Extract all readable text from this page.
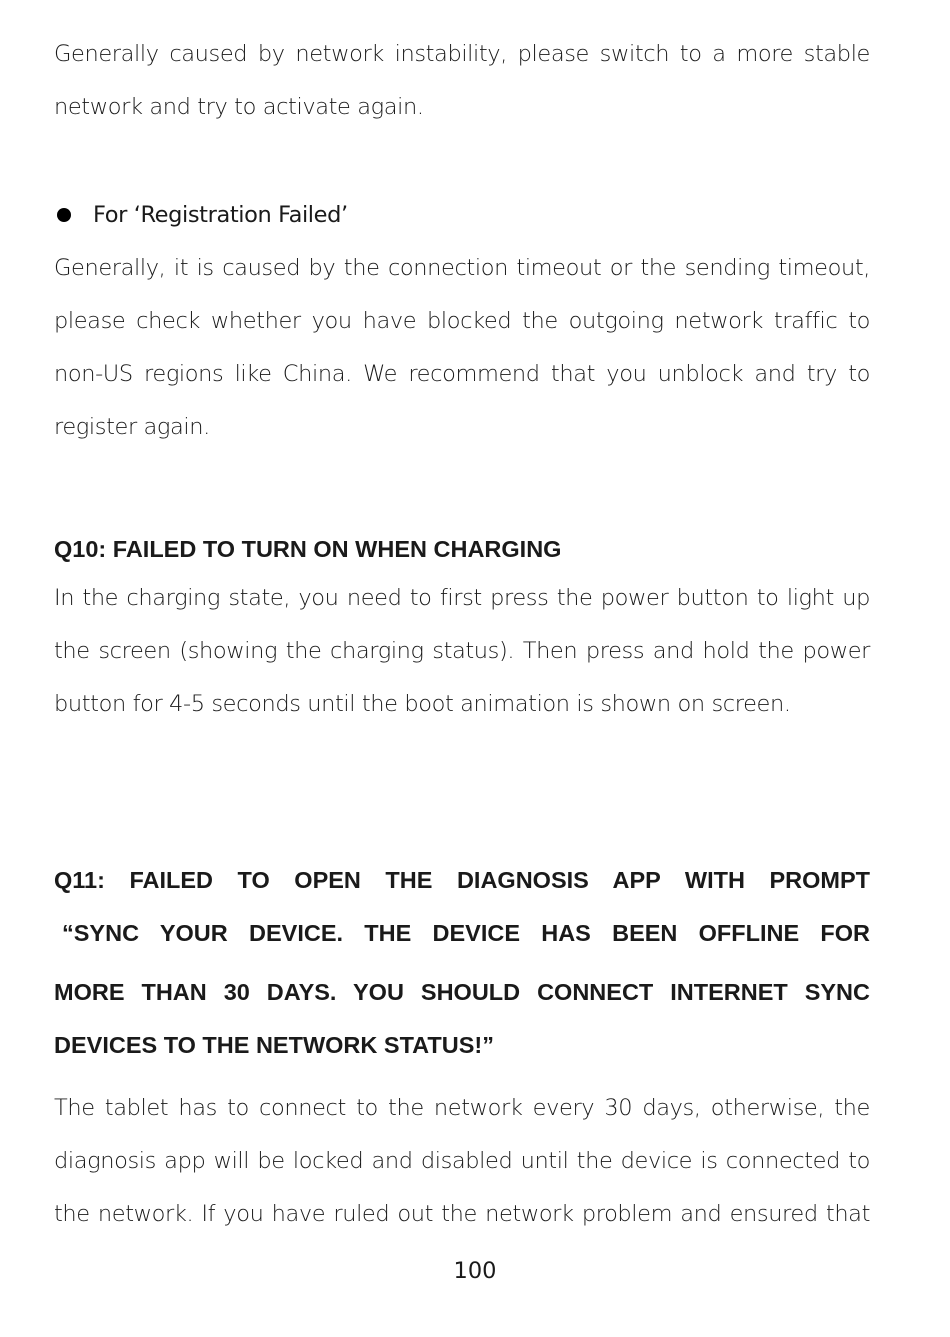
Generally caused by network instability, please switch to a more stable network and try to activate again.

For ‘Registration Failed’

Generally, it is caused by the connection timeout or the sending timeout, please check whether you have blocked the outgoing network traffic to non-US regions like China. We recommend that you unblock and try to register again.

Q10: FAILED TO TURN ON WHEN CHARGING

In the charging state, you need to first press the power button to light up the screen (showing the charging status). Then press and hold the power button for 4-5 seconds until the boot animation is shown on screen.

Q11: FAILED TO OPEN THE DIAGNOSIS APP WITH PROMPT
“SYNC YOUR DEVICE. THE DEVICE HAS BEEN OFFLINE FOR
MORE THAN 30 DAYS. YOU SHOULD CONNECT INTERNET SYNC
DEVICES TO THE NETWORK STATUS!”

The tablet has to connect to the network every 30 days, otherwise, the diagnosis app will be locked and disabled until the device is connected to the network. If you have ruled out the network problem and ensured that

100
